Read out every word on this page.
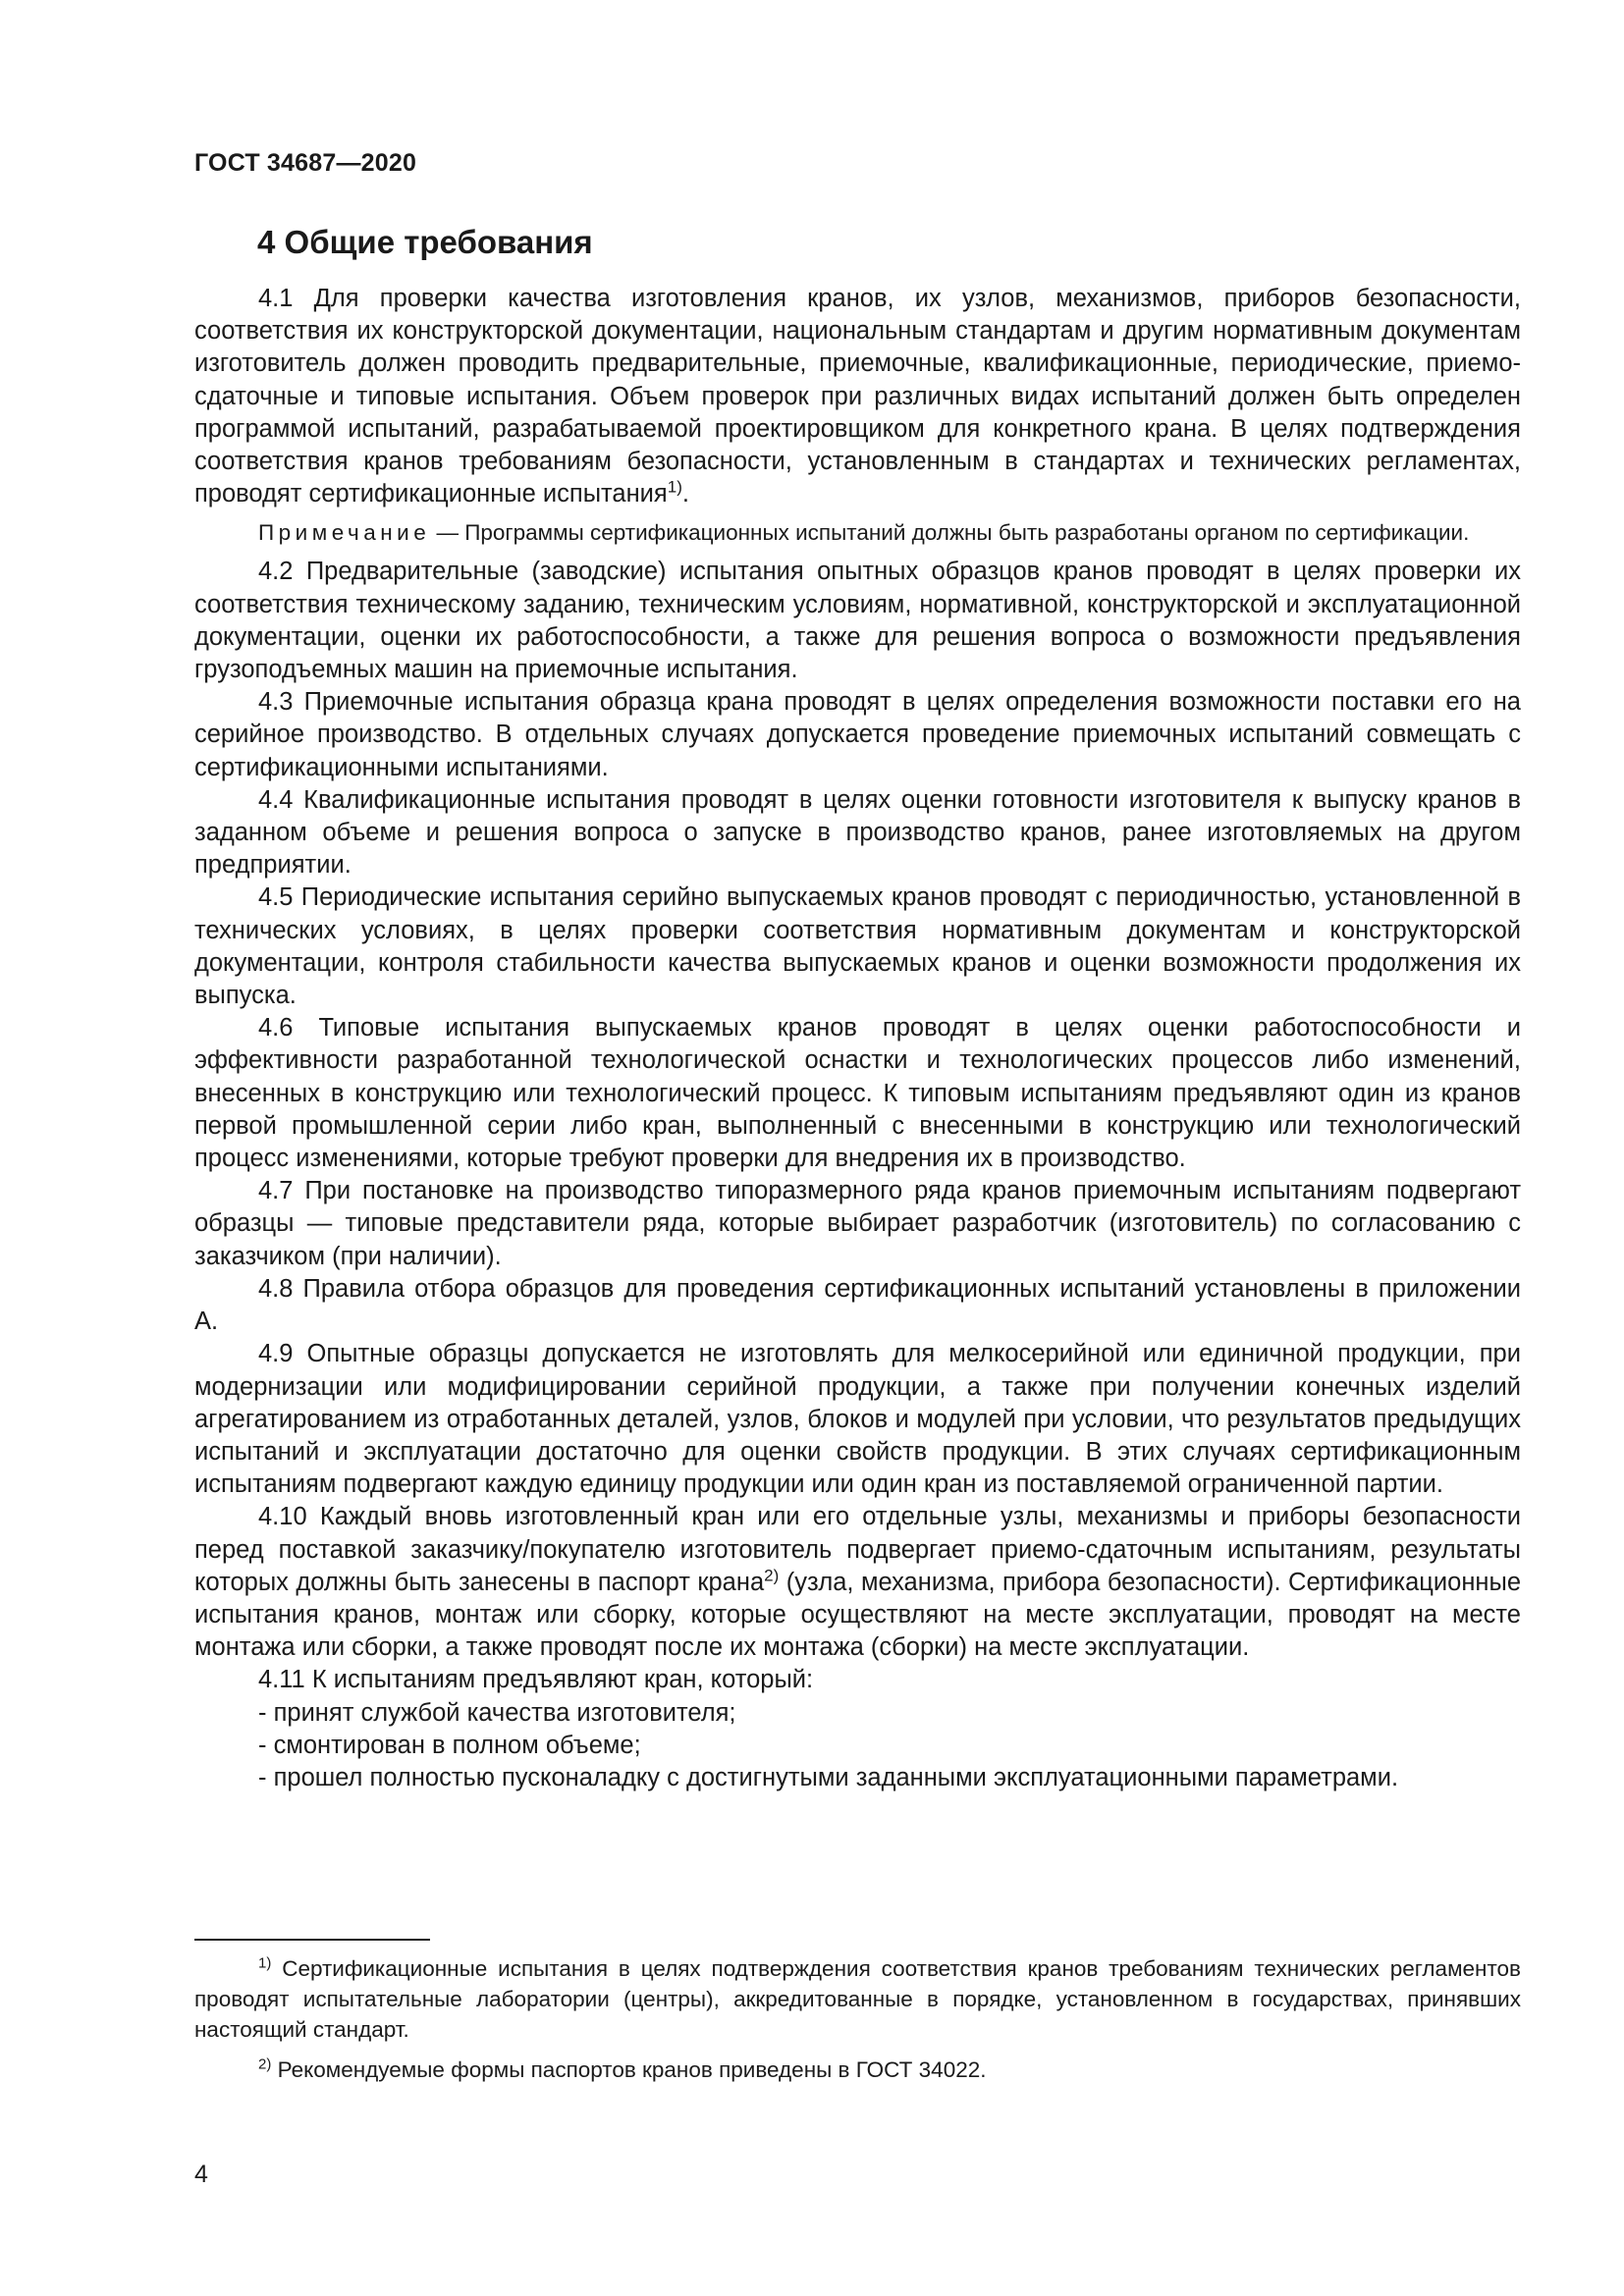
ГОСТ 34687—2020
4 Общие требования

4.1 Для проверки качества изготовления кранов, их узлов, механизмов, приборов безопасности, соответствия их конструкторской документации, национальным стандартам и другим нормативным документам изготовитель должен проводить предварительные, приемочные, квалификационные, периодические, приемо-сдаточные и типовые испытания. Объем проверок при различных видах испытаний должен быть определен программой испытаний, разрабатываемой проектировщиком для конкретного крана. В целях подтверждения соответствия кранов требованиям безопасности, установленным в стандартах и технических регламентах, проводят сертификационные испытания$^{1)}$.

Примечание — Программы сертификационных испытаний должны быть разработаны органом по сертификации.

4.2 Предварительные (заводские) испытания опытных образцов кранов проводят в целях проверки их соответствия техническому заданию, техническим условиям, нормативной, конструкторской и эксплуатационной документации, оценки их работоспособности, а также для решения вопроса о возможности предъявления грузоподъемных машин на приемочные испытания.

4.3 Приемочные испытания образца крана проводят в целях определения возможности поставки его на серийное производство. В отдельных случаях допускается проведение приемочных испытаний совмещать с сертификационными испытаниями.

4.4 Квалификационные испытания проводят в целях оценки готовности изготовителя к выпуску кранов в заданном объеме и решения вопроса о запуске в производство кранов, ранее изготовляемых на другом предприятии.

4.5 Периодические испытания серийно выпускаемых кранов проводят с периодичностью, установленной в технических условиях, в целях проверки соответствия нормативным документам и конструкторской документации, контроля стабильности качества выпускаемых кранов и оценки возможности продолжения их выпуска.

4.6 Типовые испытания выпускаемых кранов проводят в целях оценки работоспособности и эффективности разработанной технологической оснастки и технологических процессов либо изменений, внесенных в конструкцию или технологический процесс. К типовым испытаниям предъявляют один из кранов первой промышленной серии либо кран, выполненный с внесенными в конструкцию или технологический процесс изменениями, которые требуют проверки для внедрения их в производство.

4.7 При постановке на производство типоразмерного ряда кранов приемочным испытаниям подвергают образцы — типовые представители ряда, которые выбирает разработчик (изготовитель) по согласованию с заказчиком (при наличии).

4.8 Правила отбора образцов для проведения сертификационных испытаний установлены в приложении А.

4.9 Опытные образцы допускается не изготовлять для мелкосерийной или единичной продукции, при модернизации или модифицировании серийной продукции, а также при получении конечных изделий агрегатированием из отработанных деталей, узлов, блоков и модулей при условии, что результатов предыдущих испытаний и эксплуатации достаточно для оценки свойств продукции. В этих случаях сертификационным испытаниям подвергают каждую единицу продукции или один кран из поставляемой ограниченной партии.

4.10 Каждый вновь изготовленный кран или его отдельные узлы, механизмы и приборы безопасности перед поставкой заказчику/покупателю изготовитель подвергает приемо-сдаточным испытаниям, результаты которых должны быть занесены в паспорт крана$^{2)}$ (узла, механизма, прибора безопасности). Сертификационные испытания кранов, монтаж или сборку, которые осуществляют на месте эксплуатации, проводят на месте монтажа или сборки, а также проводят после их монтажа (сборки) на месте эксплуатации.

4.11 К испытаниям предъявляют кран, который:

- принят службой качества изготовителя;

- смонтирован в полном объеме;

- прошел полностью пусконаладку с достигнутыми заданными эксплуатационными параметрами.

$^{1)}$ Сертификационные испытания в целях подтверждения соответствия кранов требованиям технических регламентов проводят испытательные лаборатории (центры), аккредитованные в порядке, установленном в государствах, принявших настоящий стандарт.

$^{2)}$ Рекомендуемые формы паспортов кранов приведены в ГОСТ 34022.

4
